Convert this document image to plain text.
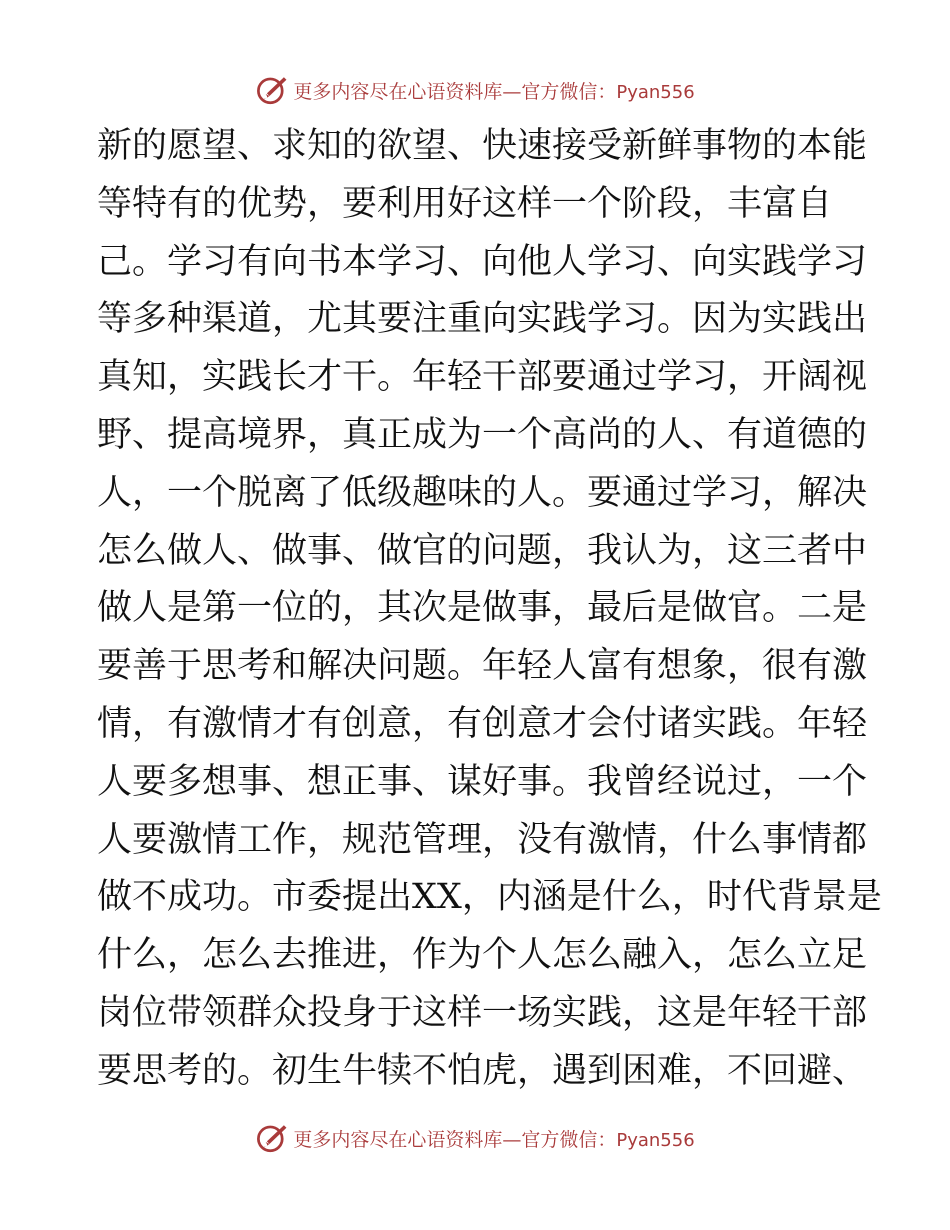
更多内容尽在心语资料库—官方微信：Pyan556
新的愿望、求知的欲望、快速接受新鲜事物的本能
等特有的优势，要利用好这样一个阶段，丰富自
己。学习有向书本学习、向他人学习、向实践学习
等多种渠道，尤其要注重向实践学习。因为实践出
真知，实践长才干。年轻干部要通过学习，开阔视
野、提高境界，真正成为一个高尚的人、有道德的
人，一个脱离了低级趣味的人。要通过学习，解决
怎么做人、做事、做官的问题，我认为，这三者中
做人是第一位的，其次是做事，最后是做官。二是
要善于思考和解决问题。年轻人富有想象，很有激
情，有激情才有创意，有创意才会付诸实践。年轻
人要多想事、想正事、谋好事。我曾经说过，一个
人要激情工作，规范管理，没有激情，什么事情都
做不成功。市委提出XX，内涵是什么，时代背景是
什么，怎么去推进，作为个人怎么融入，怎么立足
岗位带领群众投身于这样一场实践，这是年轻干部
要思考的。初生牛犊不怕虎，遇到困难，不回避、
更多内容尽在心语资料库—官方微信：Pyan556
